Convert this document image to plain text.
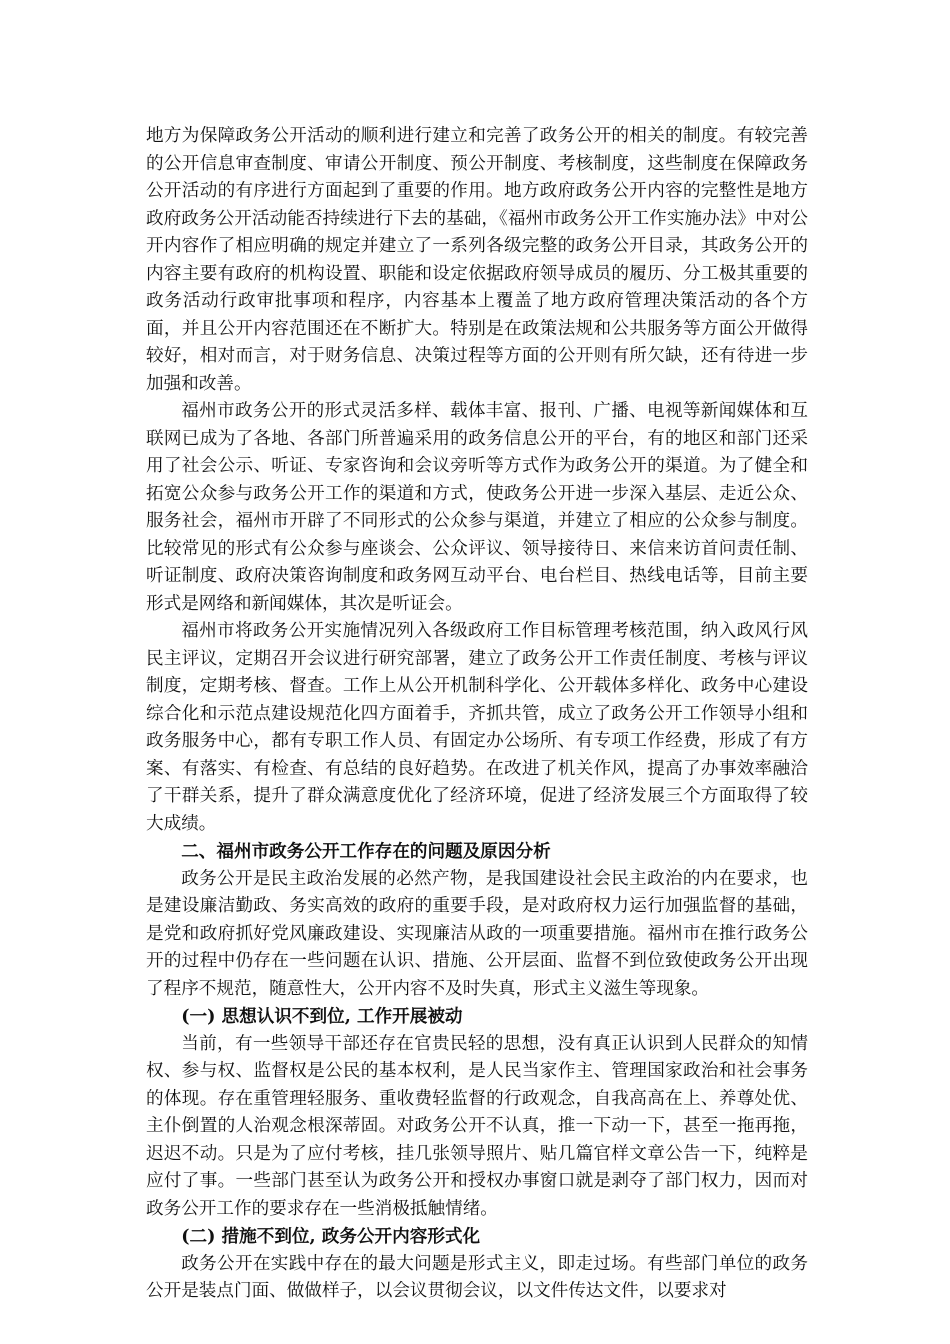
地方为保障政务公开活动的顺利进行建立和完善了政务公开的相关的制度。有较完善的公开信息审查制度、审请公开制度、预公开制度、考核制度，这些制度在保障政务公开活动的有序进行方面起到了重要的作用。地方政府政务公开内容的完整性是地方政府政务公开活动能否持续进行下去的基础，《福州市政务公开工作实施办法》中对公开内容作了相应明确的规定并建立了一系列各级完整的政务公开目录，其政务公开的内容主要有政府的机构设置、职能和设定依据政府领导成员的履历、分工极其重要的政务活动行政审批事项和程序，内容基本上覆盖了地方政府管理决策活动的各个方面，并且公开内容范围还在不断扩大。特别是在政策法规和公共服务等方面公开做得较好，相对而言，对于财务信息、决策过程等方面的公开则有所欠缺，还有待进一步加强和改善。

福州市政务公开的形式灵活多样、载体丰富、报刊、广播、电视等新闻媒体和互联网已成为了各地、各部门所普遍采用的政务信息公开的平台，有的地区和部门还采用了社会公示、听证、专家咨询和会议旁听等方式作为政务公开的渠道。为了健全和拓宽公众参与政务公开工作的渠道和方式，使政务公开进一步深入基层、走近公众、服务社会，福州市开辟了不同形式的公众参与渠道，并建立了相应的公众参与制度。比较常见的形式有公众参与座谈会、公众评议、领导接待日、来信来访首问责任制、听证制度、政府决策咨询制度和政务网互动平台、电台栏目、热线电话等，目前主要形式是网络和新闻媒体，其次是听证会。

福州市将政务公开实施情况列入各级政府工作目标管理考核范围，纳入政风行风民主评议，定期召开会议进行研究部署，建立了政务公开工作责任制度、考核与评议制度，定期考核、督查。工作上从公开机制科学化、公开载体多样化、政务中心建设综合化和示范点建设规范化四方面着手，齐抓共管，成立了政务公开工作领导小组和政务服务中心，都有专职工作人员、有固定办公场所、有专项工作经费，形成了有方案、有落实、有检查、有总结的良好趋势。在改进了机关作风，提高了办事效率融洽了干群关系，提升了群众满意度优化了经济环境，促进了经济发展三个方面取得了较大成绩。

二、福州市政务公开工作存在的问题及原因分析

政务公开是民主政治发展的必然产物，是我国建设社会民主政治的内在要求，也是建设廉洁勤政、务实高效的政府的重要手段，是对政府权力运行加强监督的基础，是党和政府抓好党风廉政建设、实现廉洁从政的一项重要措施。福州市在推行政务公开的过程中仍存在一些问题在认识、措施、公开层面、监督不到位致使政务公开出现了程序不规范，随意性大，公开内容不及时失真，形式主义滋生等现象。

(一) 思想认识不到位, 工作开展被动

当前，有一些领导干部还存在官贵民轻的思想，没有真正认识到人民群众的知情权、参与权、监督权是公民的基本权利，是人民当家作主、管理国家政治和社会事务的体现。存在重管理轻服务、重收费轻监督的行政观念，自我高高在上、养尊处优、主仆倒置的人治观念根深蒂固。对政务公开不认真，推一下动一下，甚至一拖再拖，迟迟不动。只是为了应付考核，挂几张领导照片、贴几篇官样文章公告一下，纯粹是应付了事。一些部门甚至认为政务公开和授权办事窗口就是剥夺了部门权力，因而对政务公开工作的要求存在一些消极抵触情绪。

(二) 措施不到位, 政务公开内容形式化

政务公开在实践中存在的最大问题是形式主义，即走过场。有些部门单位的政务公开是装点门面、做做样子，以会议贯彻会议，以文件传达文件，以要求对
